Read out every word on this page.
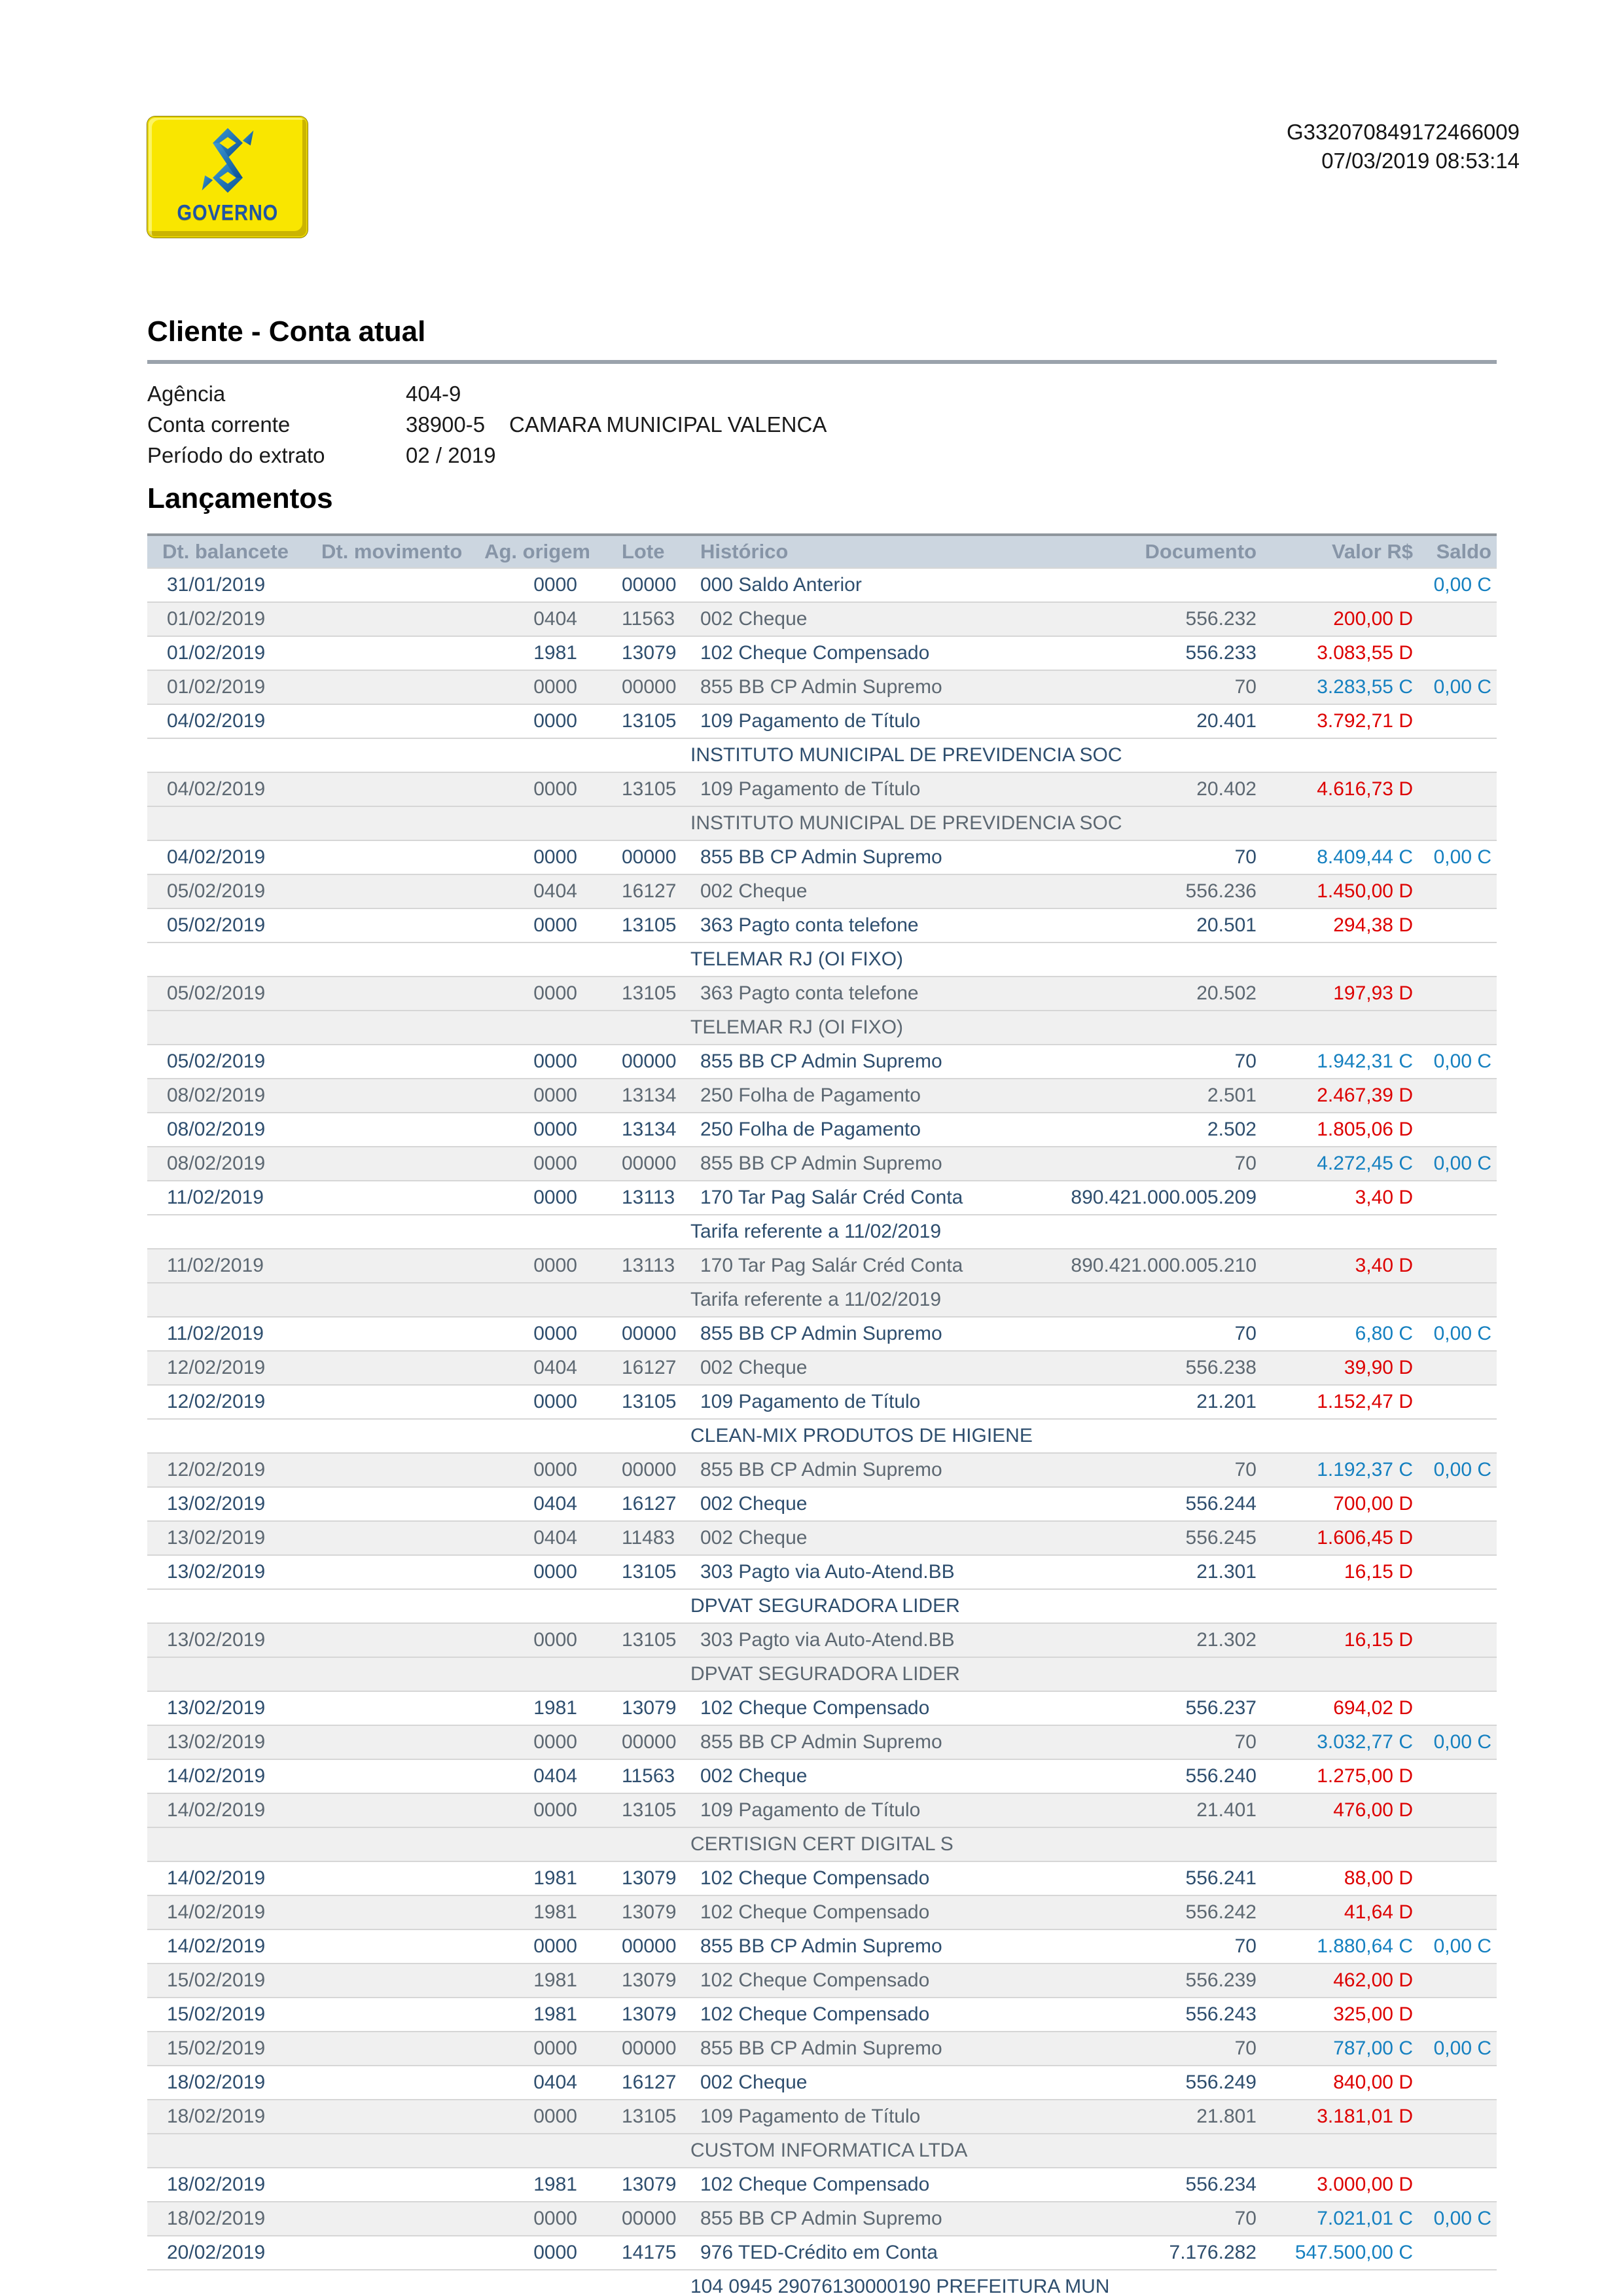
GOVERNO
G332070849172466009
07/03/2019 08:53:14
Cliente - Conta atual
Agência	404-9
Conta corrente	38900-5	CAMARA MUNICIPAL VALENCA
Período do extrato	02 / 2019
Lançamentos
Dt. balancete	Dt. movimento	Ag. origem	Lote	Histórico	Documento	Valor R$	Saldo
31/01/2019		0000	00000	000 Saldo Anterior			0,00 C
01/02/2019		0404	11563	002 Cheque	556.232	200,00 D	
01/02/2019		1981	13079	102 Cheque Compensado	556.233	3.083,55 D	
01/02/2019		0000	00000	855 BB CP Admin Supremo	70	3.283,55 C	0,00 C
04/02/2019		0000	13105	109 Pagamento de Título	20.401	3.792,71 D	
				INSTITUTO MUNICIPAL DE PREVIDENCIA SOC			
04/02/2019		0000	13105	109 Pagamento de Título	20.402	4.616,73 D	
				INSTITUTO MUNICIPAL DE PREVIDENCIA SOC			
04/02/2019		0000	00000	855 BB CP Admin Supremo	70	8.409,44 C	0,00 C
05/02/2019		0404	16127	002 Cheque	556.236	1.450,00 D	
05/02/2019		0000	13105	363 Pagto conta telefone	20.501	294,38 D	
				TELEMAR RJ (OI FIXO)			
05/02/2019		0000	13105	363 Pagto conta telefone	20.502	197,93 D	
				TELEMAR RJ (OI FIXO)			
05/02/2019		0000	00000	855 BB CP Admin Supremo	70	1.942,31 C	0,00 C
08/02/2019		0000	13134	250 Folha de Pagamento	2.501	2.467,39 D	
08/02/2019		0000	13134	250 Folha de Pagamento	2.502	1.805,06 D	
08/02/2019		0000	00000	855 BB CP Admin Supremo	70	4.272,45 C	0,00 C
11/02/2019		0000	13113	170 Tar Pag Salár Créd Conta	890.421.000.005.209	3,40 D	
				Tarifa referente a 11/02/2019			
11/02/2019		0000	13113	170 Tar Pag Salár Créd Conta	890.421.000.005.210	3,40 D	
				Tarifa referente a 11/02/2019			
11/02/2019		0000	00000	855 BB CP Admin Supremo	70	6,80 C	0,00 C
12/02/2019		0404	16127	002 Cheque	556.238	39,90 D	
12/02/2019		0000	13105	109 Pagamento de Título	21.201	1.152,47 D	
				CLEAN-MIX PRODUTOS DE HIGIENE			
12/02/2019		0000	00000	855 BB CP Admin Supremo	70	1.192,37 C	0,00 C
13/02/2019		0404	16127	002 Cheque	556.244	700,00 D	
13/02/2019		0404	11483	002 Cheque	556.245	1.606,45 D	
13/02/2019		0000	13105	303 Pagto via Auto-Atend.BB	21.301	16,15 D	
				DPVAT SEGURADORA LIDER			
13/02/2019		0000	13105	303 Pagto via Auto-Atend.BB	21.302	16,15 D	
				DPVAT SEGURADORA LIDER			
13/02/2019		1981	13079	102 Cheque Compensado	556.237	694,02 D	
13/02/2019		0000	00000	855 BB CP Admin Supremo	70	3.032,77 C	0,00 C
14/02/2019		0404	11563	002 Cheque	556.240	1.275,00 D	
14/02/2019		0000	13105	109 Pagamento de Título	21.401	476,00 D	
				CERTISIGN CERT DIGITAL S			
14/02/2019		1981	13079	102 Cheque Compensado	556.241	88,00 D	
14/02/2019		1981	13079	102 Cheque Compensado	556.242	41,64 D	
14/02/2019		0000	00000	855 BB CP Admin Supremo	70	1.880,64 C	0,00 C
15/02/2019		1981	13079	102 Cheque Compensado	556.239	462,00 D	
15/02/2019		1981	13079	102 Cheque Compensado	556.243	325,00 D	
15/02/2019		0000	00000	855 BB CP Admin Supremo	70	787,00 C	0,00 C
18/02/2019		0404	16127	002 Cheque	556.249	840,00 D	
18/02/2019		0000	13105	109 Pagamento de Título	21.801	3.181,01 D	
				CUSTOM INFORMATICA LTDA			
18/02/2019		1981	13079	102 Cheque Compensado	556.234	3.000,00 D	
18/02/2019		0000	00000	855 BB CP Admin Supremo	70	7.021,01 C	0,00 C
20/02/2019		0000	14175	976 TED-Crédito em Conta	7.176.282	547.500,00 C	
				104 0945 29076130000190 PREFEITURA MUN			
